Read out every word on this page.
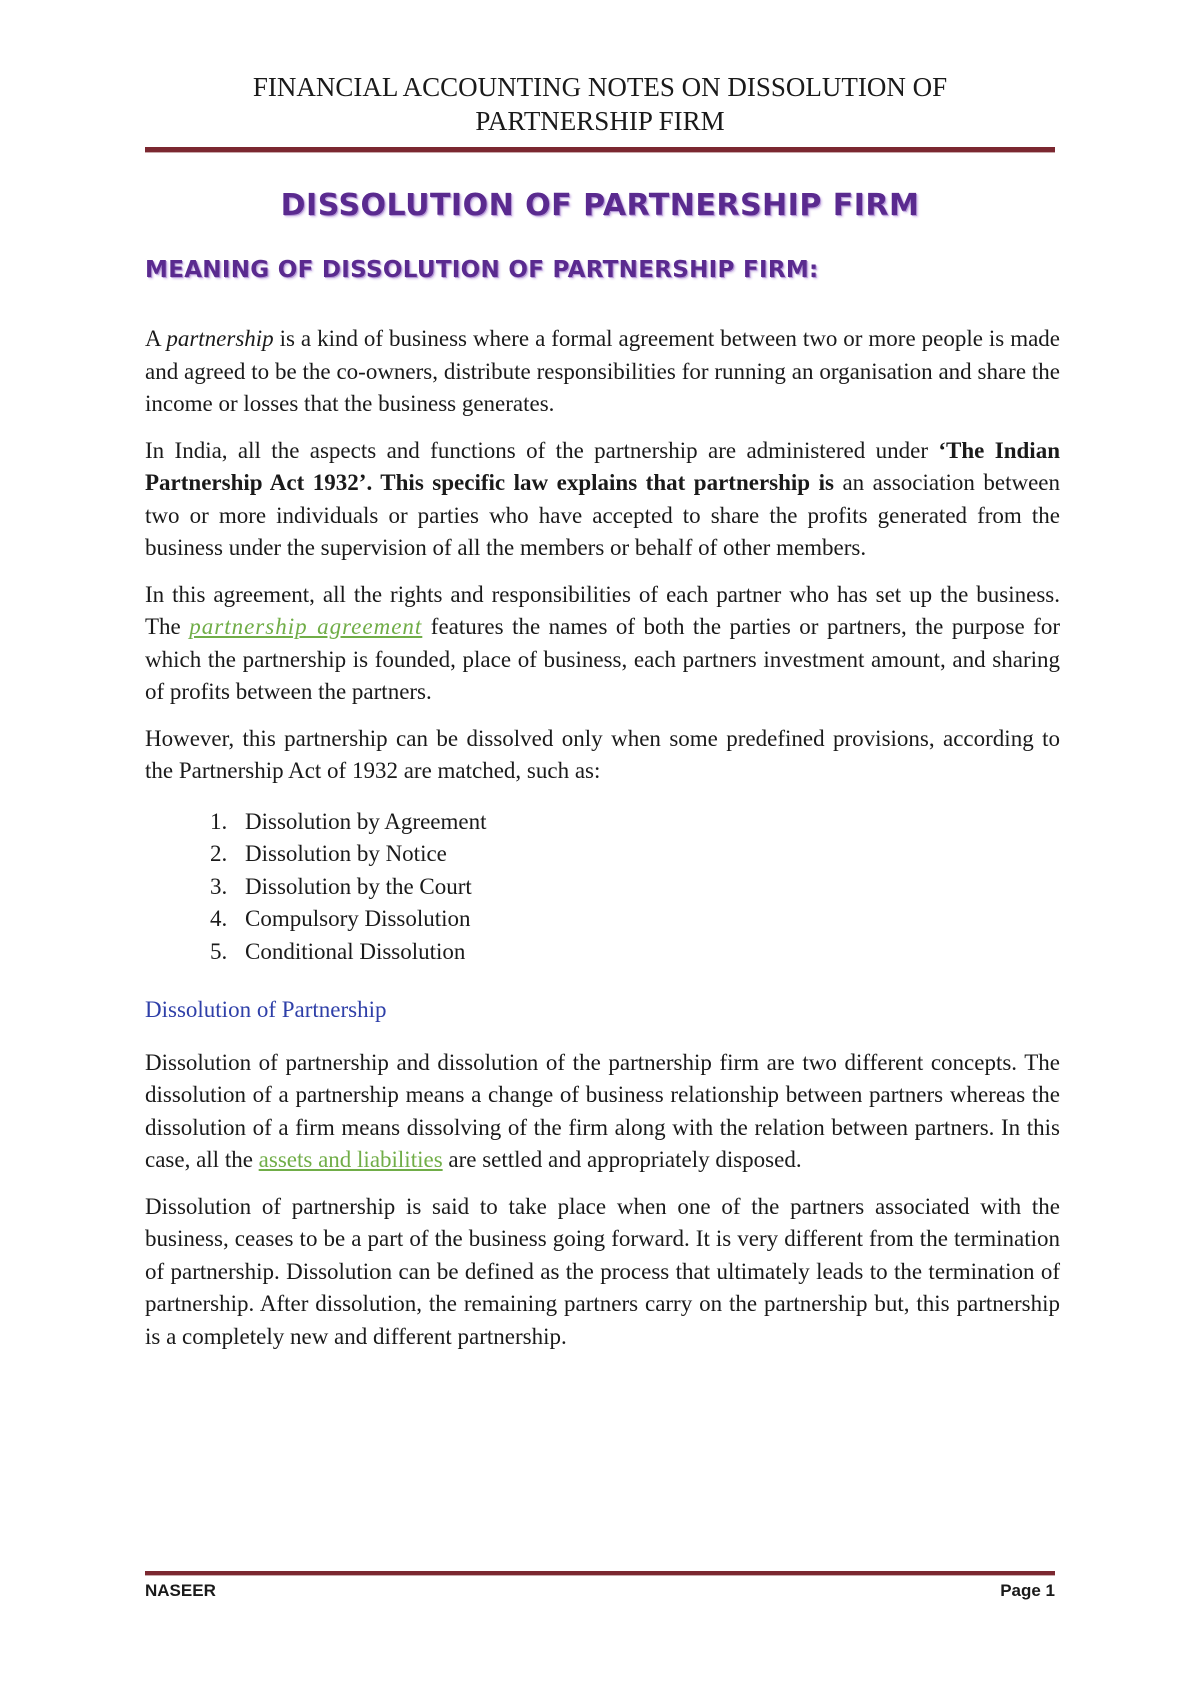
FINANCIAL ACCOUNTING NOTES ON DISSOLUTION OF
PARTNERSHIP FIRM
DISSOLUTION OF PARTNERSHIP FIRM
MEANING OF DISSOLUTION OF PARTNERSHIP FIRM:

A partnership is a kind of business where a formal agreement between two or more people is made and agreed to be the co-owners, distribute responsibilities for running an organisation and share the income or losses that the business generates.

In India, all the aspects and functions of the partnership are administered under ‘The Indian Partnership Act 1932’. This specific law explains that partnership is an association between two or more individuals or parties who have accepted to share the profits generated from the business under the supervision of all the members or behalf of other members.

In this agreement, all the rights and responsibilities of each partner who has set up the business. The partnership agreement features the names of both the parties or partners, the purpose for which the partnership is founded, place of business, each partners investment amount, and sharing of profits between the partners.

However, this partnership can be dissolved only when some predefined provisions, according to the Partnership Act of 1932 are matched, such as:

1. Dissolution by Agreement
2. Dissolution by Notice
3. Dissolution by the Court
4. Compulsory Dissolution
5. Conditional Dissolution
Dissolution of Partnership

Dissolution of partnership and dissolution of the partnership firm are two different concepts. The dissolution of a partnership means a change of business relationship between partners whereas the dissolution of a firm means dissolving of the firm along with the relation between partners. In this case, all the assets and liabilities are settled and appropriately disposed.

Dissolution of partnership is said to take place when one of the partners associated with the business, ceases to be a part of the business going forward. It is very different from the termination of partnership. Dissolution can be defined as the process that ultimately leads to the termination of partnership. After dissolution, the remaining partners carry on the partnership but, this partnership is a completely new and different partnership.

NASEER	Page 1
